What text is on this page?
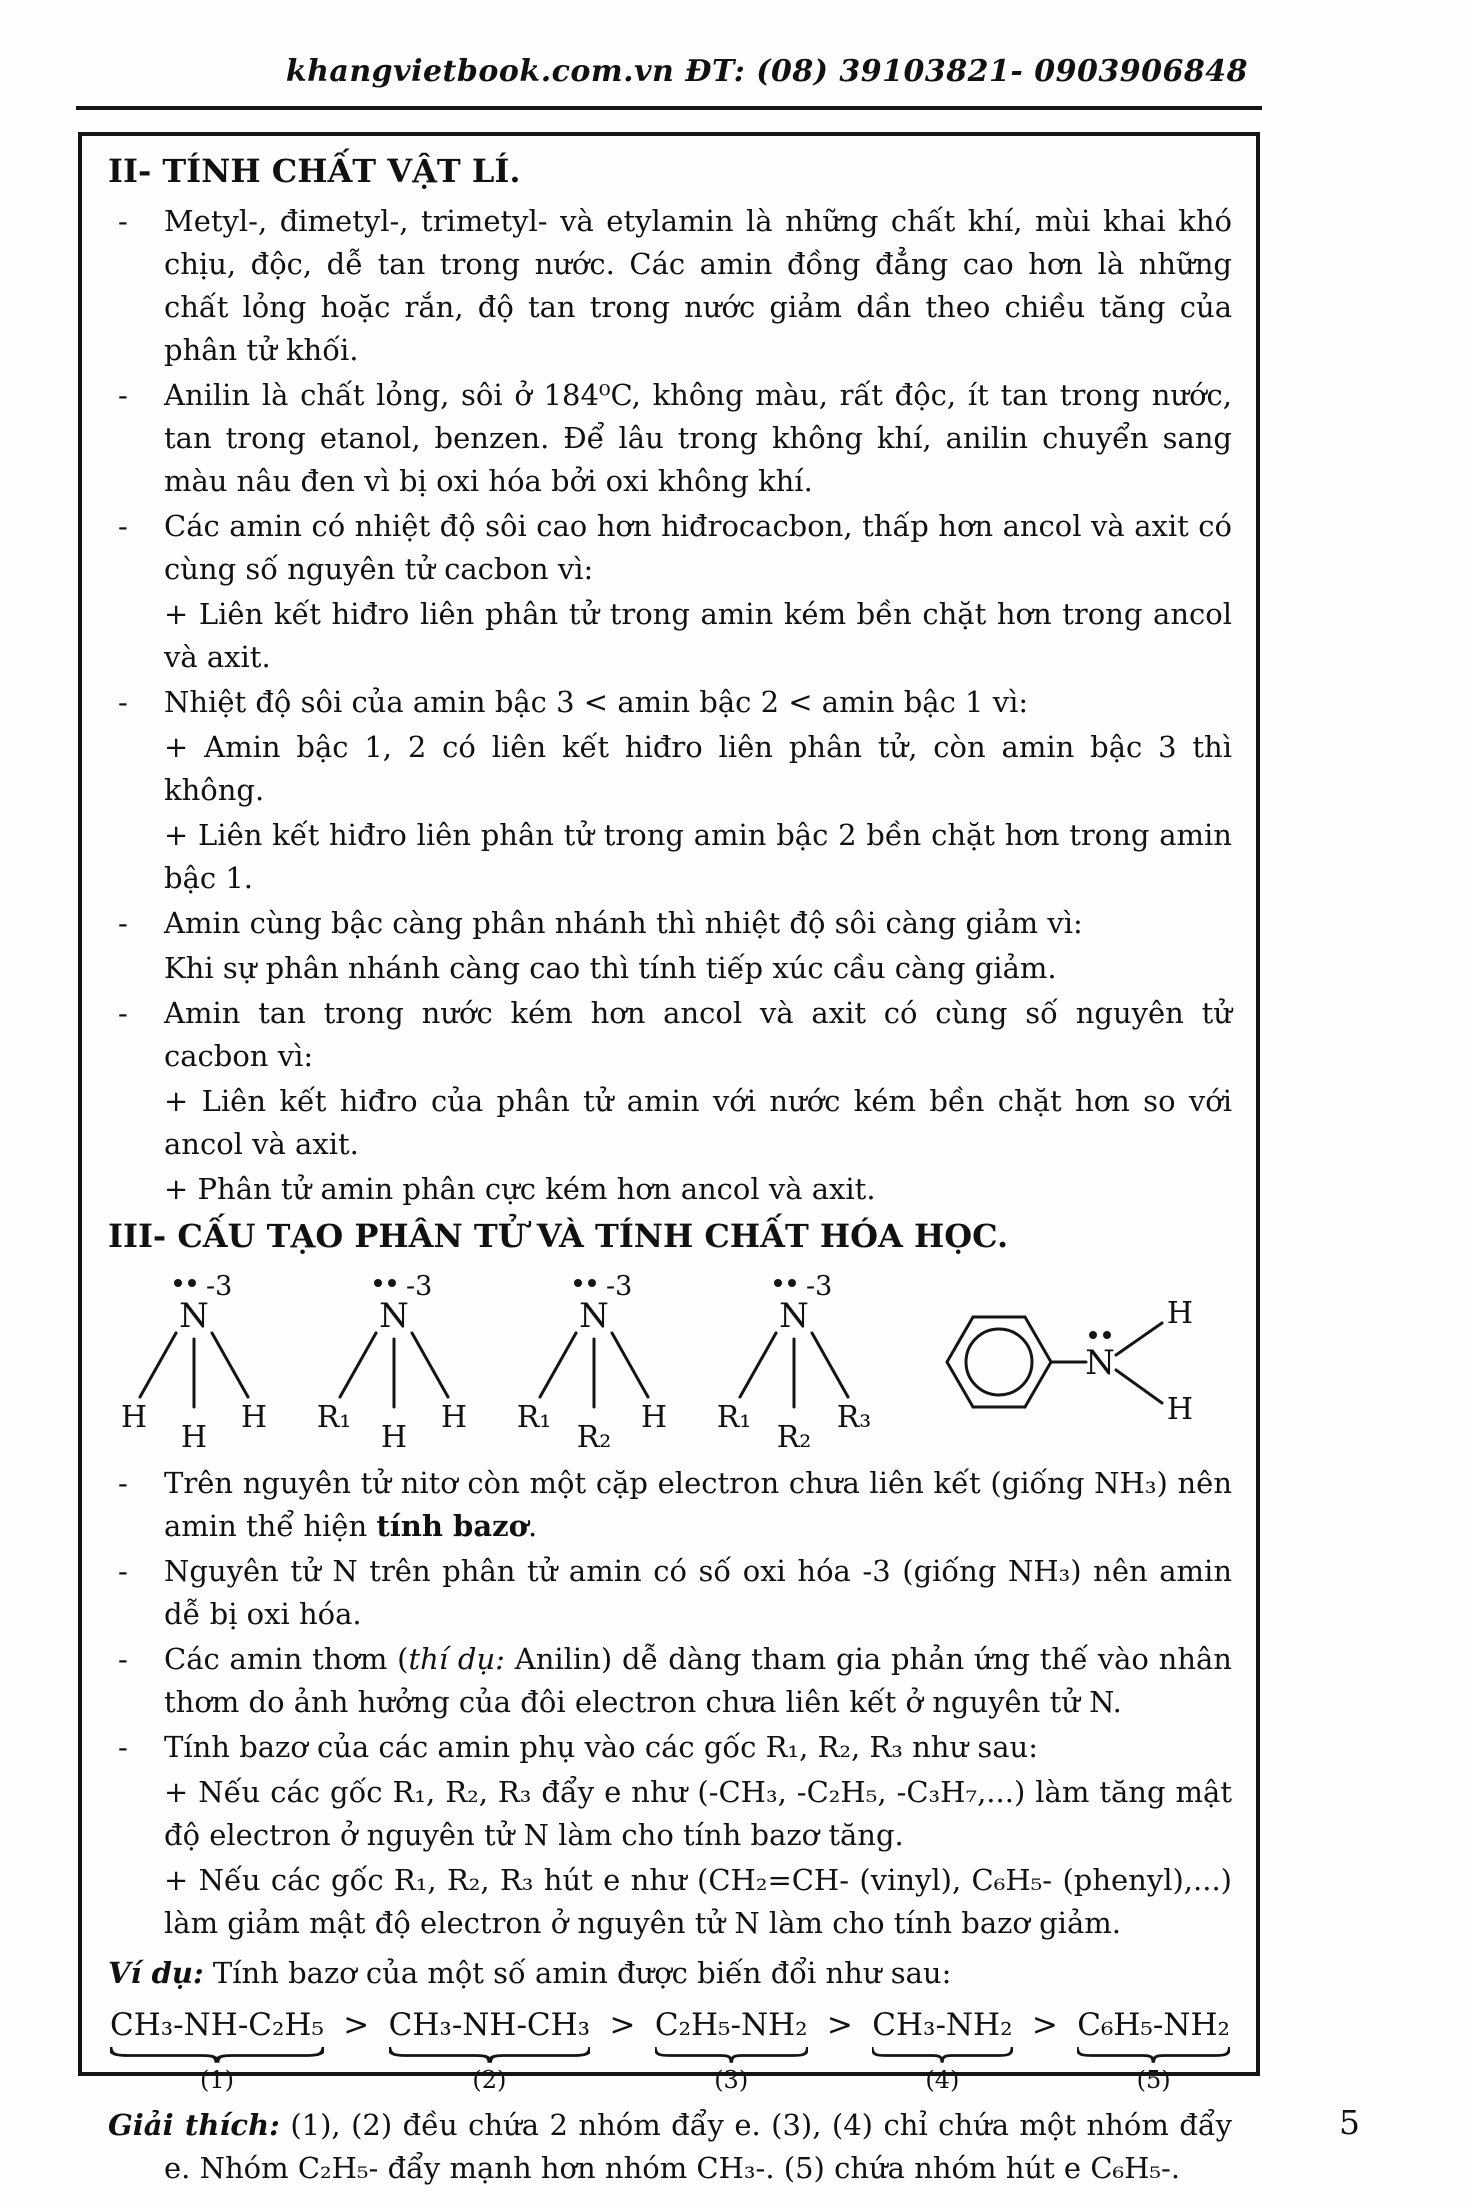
khangvietbook.com.vn ĐT: (08) 39103821- 0903906848
II- TÍNH CHẤT VẬT LÍ.
- Metyl-, đimetyl-, trimetyl- và etylamin là những chất khí, mùi khai khó chịu, độc, dễ tan trong nước. Các amin đồng đẳng cao hơn là những chất lỏng hoặc rắn, độ tan trong nước giảm dần theo chiều tăng của phân tử khối.
- Anilin là chất lỏng, sôi ở 184⁰C, không màu, rất độc, ít tan trong nước, tan trong etanol, benzen. Để lâu trong không khí, anilin chuyển sang màu nâu đen vì bị oxi hóa bởi oxi không khí.
- Các amin có nhiệt độ sôi cao hơn hiđrocacbon, thấp hơn ancol và axit có cùng số nguyên tử cacbon vì:
+ Liên kết hiđro liên phân tử trong amin kém bền chặt hơn trong ancol và axit.
- Nhiệt độ sôi của amin bậc 3 < amin bậc 2 < amin bậc 1 vì:
+ Amin bậc 1, 2 có liên kết hiđro liên phân tử, còn amin bậc 3 thì không.
+ Liên kết hiđro liên phân tử trong amin bậc 2 bền chặt hơn trong amin bậc 1.
- Amin cùng bậc càng phân nhánh thì nhiệt độ sôi càng giảm vì:
Khi sự phân nhánh càng cao thì tính tiếp xúc cầu càng giảm.
- Amin tan trong nước kém hơn ancol và axit có cùng số nguyên tử cacbon vì:
+ Liên kết hiđro của phân tử amin với nước kém bền chặt hơn so với ancol và axit.
+ Phân tử amin phân cực kém hơn ancol và axit.
III- CẤU TẠO PHÂN TỬ VÀ TÍNH CHẤT HÓA HỌC.
-3
N
H
H
H
-3
N
R₁
H
H
-3
N
R₁
R₂
H
-3
N
R₁
R₂
R₃
N
H
H
- Trên nguyên tử nitơ còn một cặp electron chưa liên kết (giống NH₃) nên amin thể hiện tính bazơ.
- Nguyên tử N trên phân tử amin có số oxi hóa -3 (giống NH₃) nên amin dễ bị oxi hóa.
- Các amin thơm (thí dụ: Anilin) dễ dàng tham gia phản ứng thế vào nhân thơm do ảnh hưởng của đôi electron chưa liên kết ở nguyên tử N.
- Tính bazơ của các amin phụ vào các gốc R₁, R₂, R₃ như sau:
+ Nếu các gốc R₁, R₂, R₃ đẩy e như (-CH₃, -C₂H₅, -C₃H₇,...) làm tăng mật độ electron ở nguyên tử N làm cho tính bazơ tăng.
+ Nếu các gốc R₁, R₂, R₃ hút e như (CH₂=CH- (vinyl), C₆H₅- (phenyl),...) làm giảm mật độ electron ở nguyên tử N làm cho tính bazơ giảm.
Ví dụ: Tính bazơ của một số amin được biến đổi như sau:
CH₃-NH-C₂H₅
(1)
> CH₃-NH-CH₃
(2)
> C₂H₅-NH₂
(3)
> CH₃-NH₂
(4)
> C₆H₅-NH₂
(5)
Giải thích: (1), (2) đều chứa 2 nhóm đẩy e. (3), (4) chỉ chứa một nhóm đẩy e. Nhóm C₂H₅- đẩy mạnh hơn nhóm CH₃-. (5) chứa nhóm hút e C₆H₅-.
5
